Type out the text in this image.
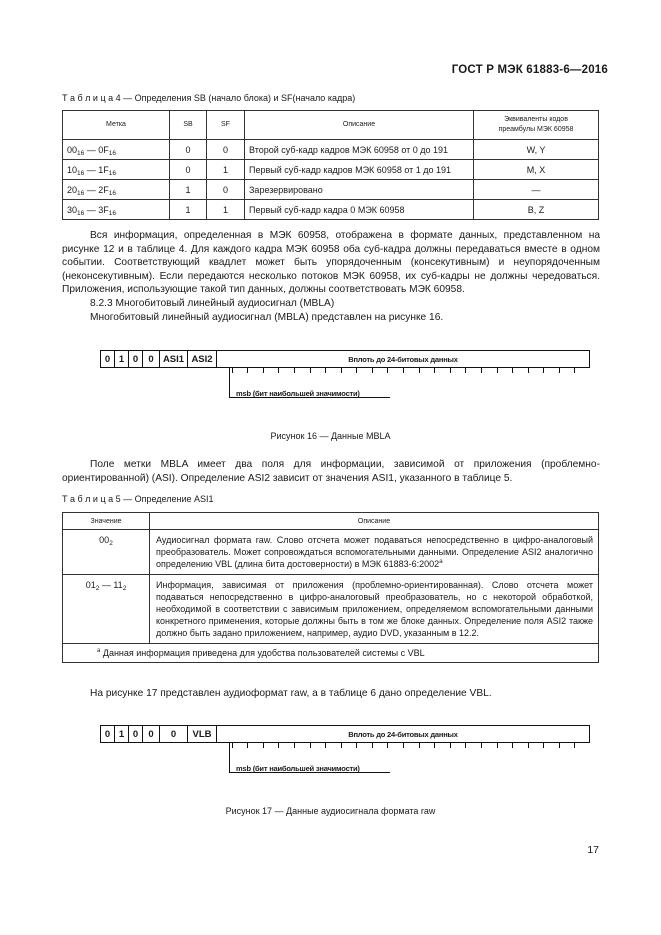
ГОСТ Р МЭК 61883-6—2016
Т а б л и ц а 4 — Определения SB (начало блока) и SF(начало кадра)
Метка	SB	SF	Описание	Эквиваленты кодов
преамбулы МЭК 60958
$00_{16}$ — $0F_{16}$	0	0	Второй суб-кадр кадров МЭК 60958 от 0 до 191	W, Y
$10_{16}$ — $1F_{16}$	0	1	Первый суб-кадр кадров МЭК 60958 от 1 до 191	M, X
$20_{16}$ — $2F_{16}$	1	0	Зарезервировано	—
$30_{16}$ — $3F_{16}$	1	1	Первый суб-кадр кадра 0 МЭК 60958	B, Z

Вся информация, определенная в МЭК 60958, отображена в формате данных, представленном на рисунке 12 и в таблице 4. Для каждого кадра МЭК 60958 оба суб-кадра должны передаваться вместе в одном событии. Соответствующий квадлет может быть упорядоченным (консекутивным) и неупорядоченным (неконсекутивным). Если передаются несколько потоков МЭК 60958, их суб-кадры не должны чередоваться. Приложения, использующие такой тип данных, должны соответствовать МЭК 60958.

8.2.3 Многобитовый линейный аудиосигнал (MBLA)

Многобитовый линейный аудиосигнал (MBLA) представлен на рисунке 16.

0 1 0	0 ASI1 ASI2	Вплоть до 24-битовых данных
msb (бит наибольшей значимости)
Рисунок 16 — Данные MBLA

Поле метки MBLA имеет два поля для информации, зависимой от приложения (проблемно-ориентированной) (ASI). Определение ASI2 зависит от значения ASI1, указанного в таблице 5.

Т а б л и ц а 5 — Определение ASI1
Значение	Описание
$00_2$	Аудиосигнал формата raw. Слово отсчета может подаваться непосредственно в цифро-аналоговый преобразователь. Может сопровождаться вспомогательными данными. Определение ASI2 аналогично определению VBL (длина бита достоверности) в МЭК 61883-6:2002$^a$
$01_2$ — $11_2$	Информация, зависимая от приложения (проблемно-ориентированная). Слово отсчета может подаваться непосредственно в цифро-аналоговый преобразователь, но с некоторой обработкой, необходимой в соответствии с зависимым приложением, определяемом вспомогательными данными конкретного применения, которые должны быть в том же блоке данных. Определение поля ASI2 также должно быть задано приложением, например, аудио DVD, указанным в 12.2.
$^a$ Данная информация приведена для удобства пользователей системы с VBL	

На рисунке 17 представлен аудиоформат raw, а в таблице 6 дано определение VBL.

0 1 0	0	0	VLB	Вплоть до 24-битовых данных
msb (бит наибольшей значимости)
Рисунок 17 — Данные аудиосигнала формата raw
17
